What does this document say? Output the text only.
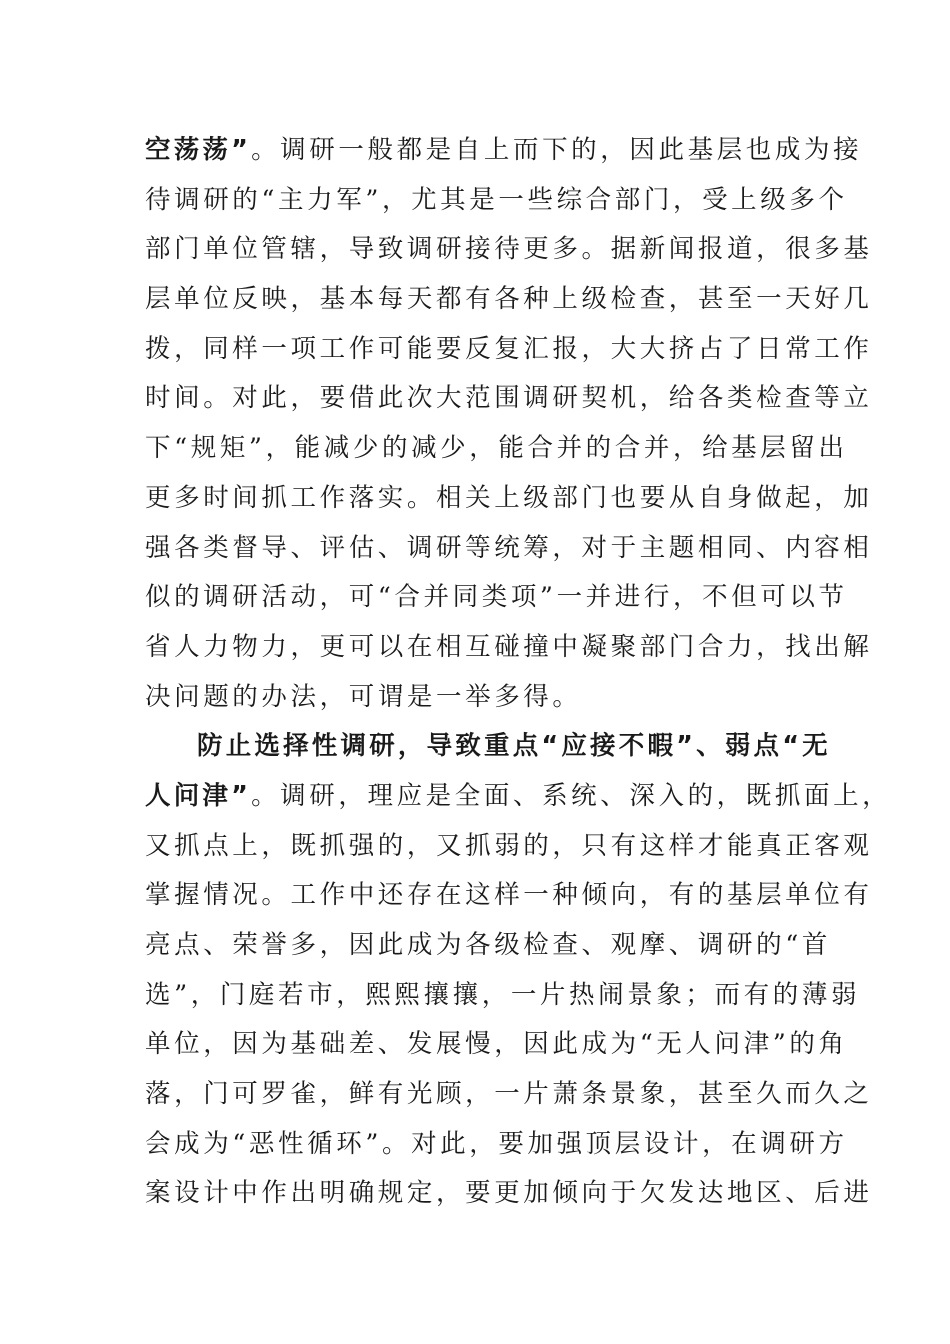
空荡荡”。调研一般都是自上而下的，因此基层也成为接
待调研的“主力军”，尤其是一些综合部门，受上级多个
部门单位管辖，导致调研接待更多。据新闻报道，很多基
层单位反映，基本每天都有各种上级检查，甚至一天好几
拨，同样一项工作可能要反复汇报，大大挤占了日常工作
时间。对此，要借此次大范围调研契机，给各类检查等立
下“规矩”，能减少的减少，能合并的合并，给基层留出
更多时间抓工作落实。相关上级部门也要从自身做起，加
强各类督导、评估、调研等统筹，对于主题相同、内容相
似的调研活动，可“合并同类项”一并进行，不但可以节
省人力物力，更可以在相互碰撞中凝聚部门合力，找出解
决问题的办法，可谓是一举多得。
防止选择性调研，导致重点“应接不暇”、弱点“无
人问津”。调研，理应是全面、系统、深入的，既抓面上，
又抓点上，既抓强的，又抓弱的，只有这样才能真正客观
掌握情况。工作中还存在这样一种倾向，有的基层单位有
亮点、荣誉多，因此成为各级检查、观摩、调研的“首
选”，门庭若市，熙熙攘攘，一片热闹景象；而有的薄弱
单位，因为基础差、发展慢，因此成为“无人问津”的角
落，门可罗雀，鲜有光顾，一片萧条景象，甚至久而久之
会成为“恶性循环”。对此，要加强顶层设计，在调研方
案设计中作出明确规定，要更加倾向于欠发达地区、后进
